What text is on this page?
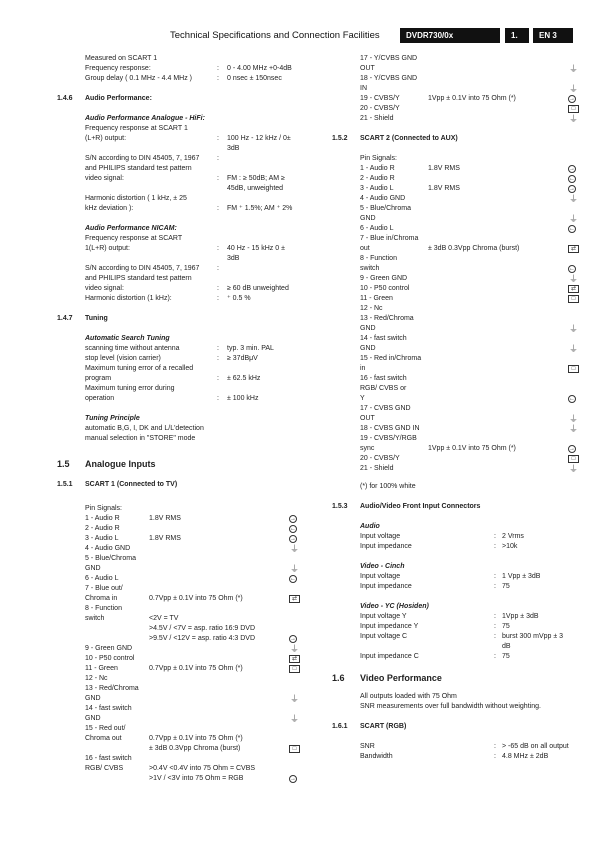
Technical Specifications and Connection Facilities	DVDR730/0x	1.	EN 3
Measured on SCART 1
Frequency response:	: 0 - 4.00 MHz +0-4dB
Group delay ( 0.1 MHz - 4.4 MHz )	: 0 nsec ± 150nsec
1.4.6 Audio Performance:
Audio Performance Analogue - HiFi:
Frequency response at SCART 1
(L+R) output:	: 100 Hz - 12 kHz / 0±
3dB
S/N according to DIN 45405, 7, 1967	:
and PHILIPS standard test pattern
video signal:	: FM : ≥ 50dB; AM ≥
45dB, unweighted
Harmonic distortion ( 1 kHz, ± 25
kHz deviation ):	: FM ⁺ 1.5%; AM ⁺ 2%
Audio Performance NICAM:
Frequency response at SCART
1(L+R) output:	: 40 Hz - 15 kHz 0 ±
3dB
S/N according to DIN 45405, 7, 1967	:
and PHILIPS standard test pattern
video signal:	: ≥ 60 dB unweighted
Harmonic distortion (1 kHz):	: ⁺ 0.5 %
1.4.7 Tuning
Automatic Search Tuning
scanning time without antenna	: typ. 3 min. PAL
stop level (vision carrier)	: ≥ 37dBμV
Maximum tuning error of a recalled
program	: ± 62.5 kHz
Maximum tuning error during
operation	: ± 100 kHz
Tuning Principle
automatic B,G, I, DK and L/L'detection
manual selection in "STORE" mode
1.5 Analogue Inputs
1.5.1 SCART 1 (Connected to TV)
Pin Signals:
1 - Audio R	1.8V RMS	→
2 - Audio R	←
3 - Audio L	1.8V RMS	→
4 - Audio GND	⏚
5 - Blue/Chroma
GND	⏚
6 - Audio L	←
7 - Blue out/
Chroma in	0.7Vpp ± 0.1V into 75 Ohm (*)	⇄
8 - Function
switch	<2V = TV
>4.5V / <7V = asp. ratio 16:9 DVD
>9.5V / <12V = asp. ratio 4:3 DVD	→
9 - Green GND	⏚
10 - P50 control	⇄
11 - Green	0.7Vpp ± 0.1V into 75 Ohm (*)	□
12 - Nc
13 - Red/Chroma
GND	⏚
14 - fast switch
GND	⏚
15 - Red out/
Chroma out	0.7Vpp ± 0.1V into 75 Ohm (*)
± 3dB 0.3Vpp Chroma (burst)	□
16 - fast switch
RGB/ CVBS	>0.4V <0.4V into 75 Ohm = CVBS
>1V / <3V into 75 Ohm = RGB	→
17 - Y/CVBS GND
OUT	⏚
18 - Y/CVBS GND
IN	⏚
19 - CVBS/Y	1Vpp ± 0.1V into 75 Ohm (*)	→
20 - CVBS/Y	□
21 - Shield	⏚
1.5.2 SCART 2 (Connected to AUX)
Pin Signals:
1 - Audio R	1.8V RMS	→
2 - Audio R	←
3 - Audio L	1.8V RMS	→
4 - Audio GND	⏚
5 - Blue/Chroma
GND	⏚
6 - Audio L	←
7 - Blue in/Chroma
out	± 3dB 0.3Vpp Chroma (burst)	⇄
8 - Function
switch	←
9 - Green GND	⏚
10 - P50 control	⇄
11 - Green	□
12 - Nc
13 - Red/Chroma
GND	⏚
14 - fast switch
GND	⏚
15 - Red in/Chroma
in	□
16 - fast switch
RGB/ CVBS or
Y	←
17 - CVBS GND
OUT	⏚
18 - CVBS GND IN	⏚
19 - CVBS/Y/RGB
sync	1Vpp ± 0.1V into 75 Ohm (*)	→
20 - CVBS/Y	□
21 - Shield	⏚
(*) for 100% white
1.5.3 Audio/Video Front Input Connectors
Audio
Input voltage	: 2 Vrms
Input impedance	: >10k
Video - Cinch
Input voltage	: 1 Vpp ± 3dB
Input impedance	: 75
Video - YC (Hosiden)
Input voltage Y	: 1Vpp ± 3dB
Input impedance Y	: 75
Input voltage C	: burst 300 mVpp ± 3
dB
Input impedance C	: 75
1.6 Video Performance
All outputs loaded with 75 Ohm
SNR measurements over full bandwidth without weighting.
1.6.1 SCART (RGB)
SNR	: > -65 dB on all output
Bandwidth	: 4.8 MHz ± 2dB
